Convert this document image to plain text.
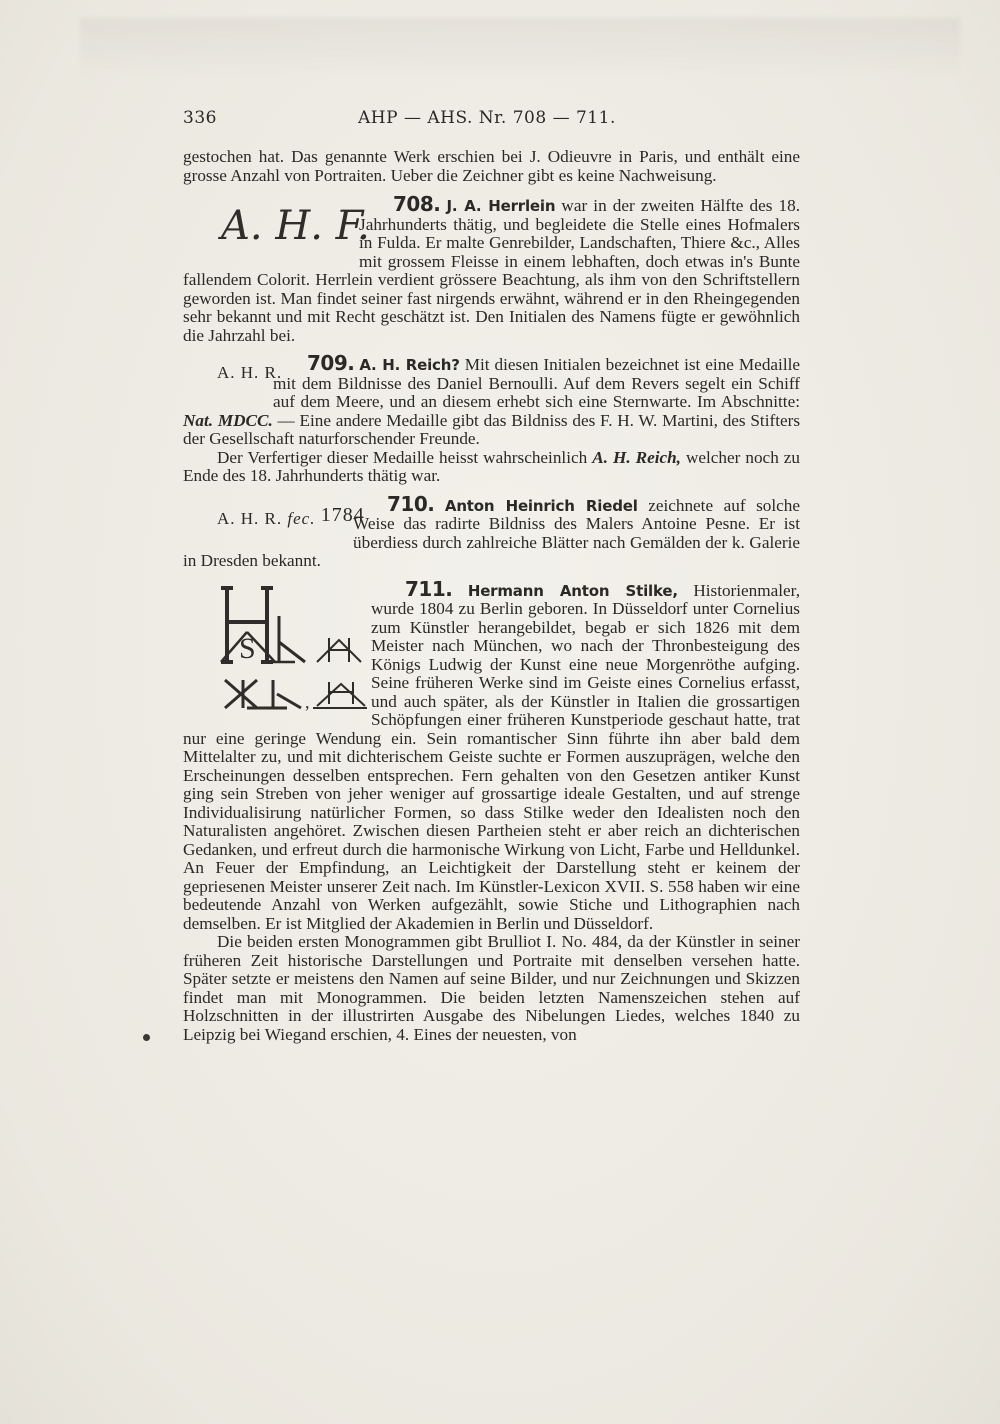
336	AHP — AHS. Nr. 708 — 711.

gestochen hat. Das genannte Werk erschien bei J. Odieuvre in Paris, und enthält eine grosse Anzahl von Portraiten. Ueber die Zeichner gibt es keine Nachweisung.

708. J. A. Herrlein
A. H. F.	war in der zweiten Hälfte des 18. Jahrhunderts thätig, und begleidete die Stelle eines Hofmalers in Fulda. Er malte Genrebilder, Landschaften, Thiere &c., Alles mit grossem Fleisse in einem lebhaften, doch etwas in's Bunte fallendem Colorit. Herrlein verdient grössere Beachtung, als ihm von den Schriftstellern geworden ist. Man findet seiner fast nirgends erwähnt, während er in den Rheingegenden sehr bekannt und mit Recht geschätzt ist. Den Initialen des Namens fügte er gewöhnlich die Jahrzahl bei.

709. A. H. Reich?
A. H. R.	Mit diesen Initialen bezeichnet ist eine Medaille mit dem Bildnisse des Daniel Bernoulli. Auf dem Revers segelt ein Schiff auf dem Meere, und an diesem erhebt sich eine Sternwarte. Im Abschnitte: Nat. MDCC. — Eine andere Medaille gibt das Bildniss des F. H. W. Martini, des Stifters der Gesellschaft naturforschender Freunde.

Der Verfertiger dieser Medaille heisst wahrscheinlich A. H. Reich, welcher noch zu Ende des 18. Jahrhunderts thätig war.

710. Anton Heinrich Riedel
A. H. R. fec. 1784	zeichnete auf solche Weise das radirte Bildniss des Malers Antoine Pesne. Er ist überdiess durch zahlreiche Blätter nach Gemälden der k. Galerie in Dresden bekannt.

711. Hermann Anton Stilke,
S
,
Historienmaler, wurde 1804 zu Berlin geboren. In Düsseldorf unter Cornelius zum Künstler herangebildet, begab er sich 1826 mit dem Meister nach München, wo nach der Thronbesteigung des Königs Ludwig der Kunst eine neue Morgenröthe aufging. Seine früheren Werke sind im Geiste eines Cornelius erfasst, und auch später, als der Künstler in Italien die grossartigen Schöpfungen einer früheren Kunstperiode geschaut hatte, trat nur eine geringe Wendung ein. Sein romantischer Sinn führte ihn aber bald dem Mittelalter zu, und mit dichterischem Geiste suchte er Formen auszuprägen, welche den Erscheinungen desselben entsprechen. Fern gehalten von den Gesetzen antiker Kunst ging sein Streben von jeher weniger auf grossartige ideale Gestalten, und auf strenge Individualisirung natürlicher Formen, so dass Stilke weder den Idealisten noch den Naturalisten angehöret. Zwischen diesen Partheien steht er aber reich an dichterischen Gedanken, und erfreut durch die harmonische Wirkung von Licht, Farbe und Helldunkel. An Feuer der Empfindung, an Leichtigkeit der Darstellung steht er keinem der gepriesenen Meister unserer Zeit nach. Im Künstler-Lexicon XVII. S. 558 haben wir eine bedeutende Anzahl von Werken aufgezählt, sowie Stiche und Lithographien nach demselben. Er ist Mitglied der Akademien in Berlin und Düsseldorf.

Die beiden ersten Monogrammen gibt Brulliot I. No. 484, da der Künstler in seiner früheren Zeit historische Darstellungen und Portraite mit denselben versehen hatte. Später setzte er meistens den Namen auf seine Bilder, und nur Zeichnungen und Skizzen findet man mit Monogrammen. Die beiden letzten Namenszeichen stehen auf Holzschnitten in der illustrirten Ausgabe des Nibelungen Liedes, welches 1840 zu Leipzig bei Wiegand erschien, 4. Eines der neuesten, von
